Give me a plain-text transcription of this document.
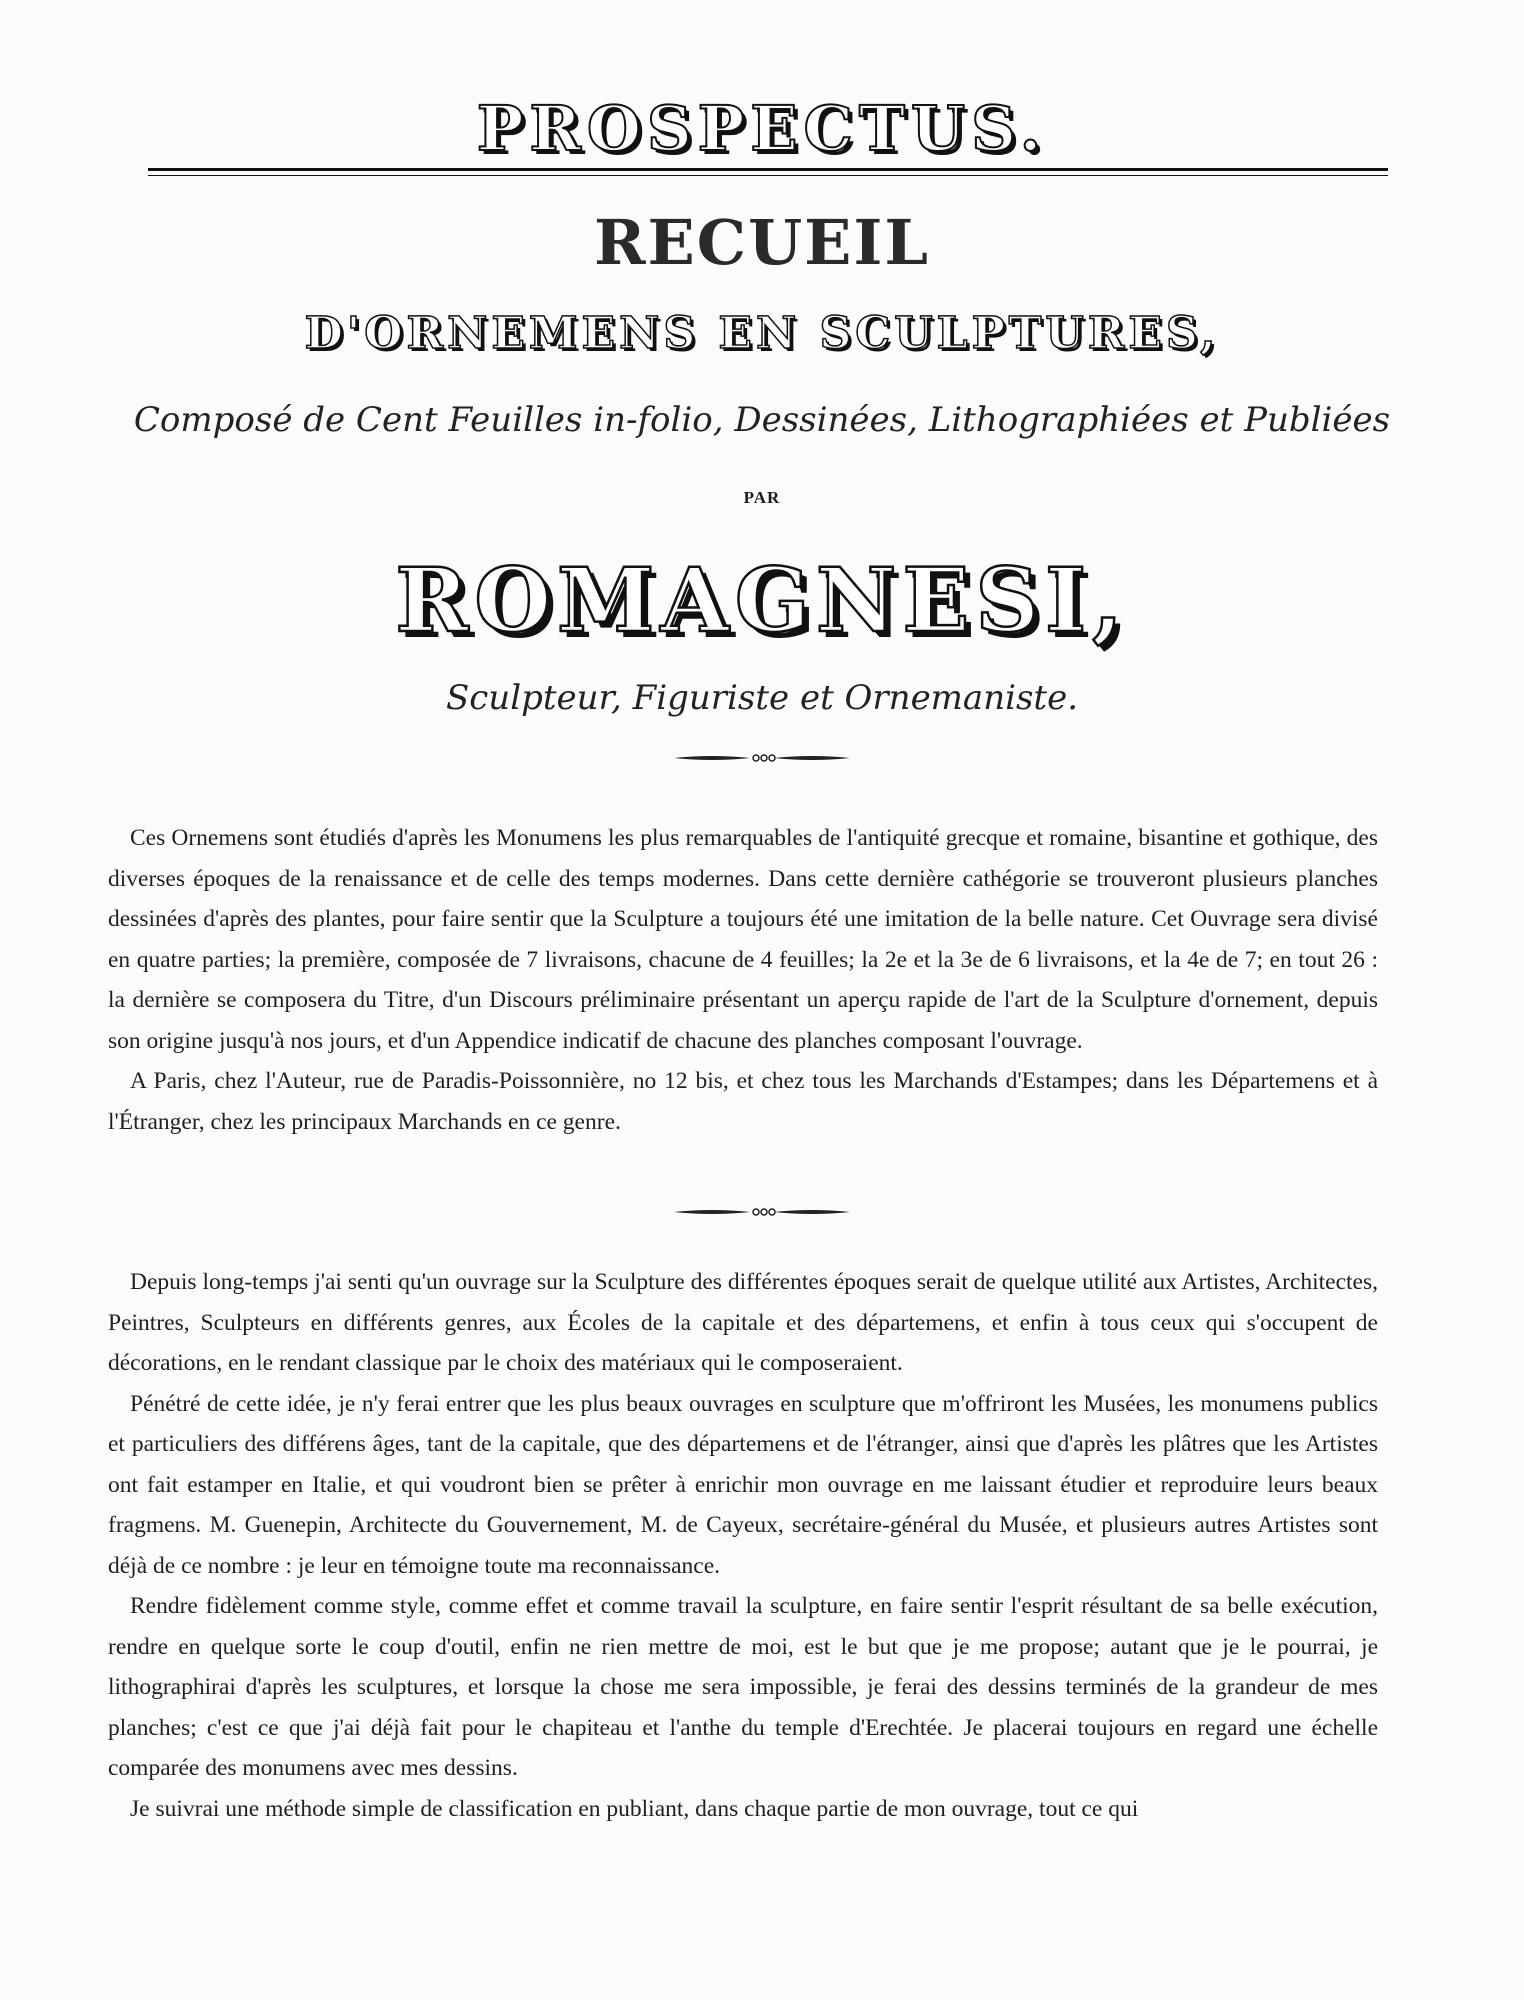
PROSPECTUS.
RECUEIL
D'ORNEMENS EN SCULPTURES,
Composé de Cent Feuilles in-folio, Dessinées, Lithographiées et Publiées
PAR
ROMAGNESI,
Sculpteur, Figuriste et Ornemaniste.

Ces Ornemens sont étudiés d'après les Monumens les plus remarquables de l'antiquité grecque et romaine, bisantine et gothique, des diverses époques de la renaissance et de celle des temps modernes. Dans cette dernière cathégorie se trouveront plusieurs planches dessinées d'après des plantes, pour faire sentir que la Sculpture a toujours été une imitation de la belle nature. Cet Ouvrage sera divisé en quatre parties; la première, composée de 7 livraisons, chacune de 4 feuilles; la 2e et la 3e de 6 livraisons, et la 4e de 7; en tout 26 : la dernière se composera du Titre, d'un Discours préliminaire présentant un aperçu rapide de l'art de la Sculpture d'ornement, depuis son origine jusqu'à nos jours, et d'un Appendice indicatif de chacune des planches composant l'ouvrage.

A Paris, chez l'Auteur, rue de Paradis-Poissonnière, no 12 bis, et chez tous les Marchands d'Estampes; dans les Départemens et à l'Étranger, chez les principaux Marchands en ce genre.

Depuis long-temps j'ai senti qu'un ouvrage sur la Sculpture des différentes époques serait de quelque utilité aux Artistes, Architectes, Peintres, Sculpteurs en différents genres, aux Écoles de la capitale et des départemens, et enfin à tous ceux qui s'occupent de décorations, en le rendant classique par le choix des matériaux qui le composeraient.

Pénétré de cette idée, je n'y ferai entrer que les plus beaux ouvrages en sculpture que m'offriront les Musées, les monumens publics et particuliers des différens âges, tant de la capitale, que des départemens et de l'étranger, ainsi que d'après les plâtres que les Artistes ont fait estamper en Italie, et qui voudront bien se prêter à enrichir mon ouvrage en me laissant étudier et reproduire leurs beaux fragmens. M. Guenepin, Architecte du Gouvernement, M. de Cayeux, secrétaire-général du Musée, et plusieurs autres Artistes sont déjà de ce nombre : je leur en témoigne toute ma reconnaissance.

Rendre fidèlement comme style, comme effet et comme travail la sculpture, en faire sentir l'esprit résultant de sa belle exécution, rendre en quelque sorte le coup d'outil, enfin ne rien mettre de moi, est le but que je me propose; autant que je le pourrai, je lithographirai d'après les sculptures, et lorsque la chose me sera impossible, je ferai des dessins terminés de la grandeur de mes planches; c'est ce que j'ai déjà fait pour le chapiteau et l'anthe du temple d'Erechtée. Je placerai toujours en regard une échelle comparée des monumens avec mes dessins.

Je suivrai une méthode simple de classification en publiant, dans chaque partie de mon ouvrage, tout ce qui
